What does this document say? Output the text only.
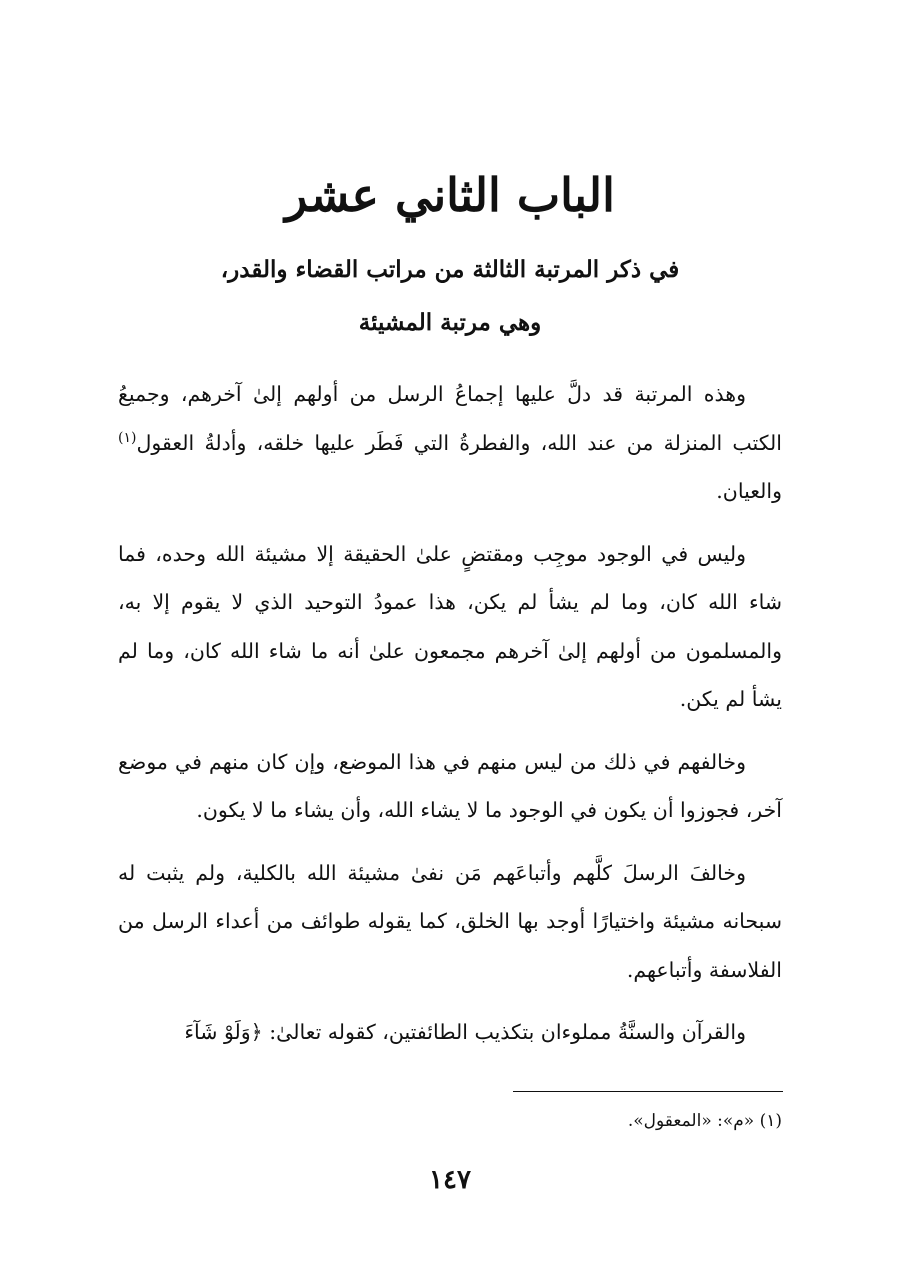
الباب الثاني عشر
في ذكر المرتبة الثالثة من مراتب القضاء والقدر،
وهي مرتبة المشيئة

وهذه المرتبة قد دلَّ عليها إجماعُ الرسل من أولهم إلىٰ آخرهم، وجميعُ الكتب المنزلة من عند الله، والفطرةُ التي فَطَر عليها خلقه، وأدلةُ العقول$^{(١)}$ والعيان.

وليس في الوجود موجِب ومقتضٍ علىٰ الحقيقة إلا مشيئة الله وحده، فما شاء الله كان، وما لم يشأ لم يكن، هذا عمودُ التوحيد الذي لا يقوم إلا به، والمسلمون من أولهم إلىٰ آخرهم مجمعون علىٰ أنه ما شاء الله كان، وما لم يشأ لم يكن.

وخالفهم في ذلك من ليس منهم في هذا الموضع، وإن كان منهم في موضع آخر، فجوزوا أن يكون في الوجود ما لا يشاء الله، وأن يشاء ما لا يكون.

وخالفَ الرسلَ كلَّهم وأتباعَهم مَن نفىٰ مشيئة الله بالكلية، ولم يثبت له سبحانه مشيئة واختيارًا أوجد بها الخلق، كما يقوله طوائف من أعداء الرسل من الفلاسفة وأتباعهم.

والقرآن والسنَّةُ مملوءان بتكذيب الطائفتين، كقوله تعالىٰ: ﴿وَلَوْ شَآءَ

(١) «م»: «المعقول».
١٤٧
